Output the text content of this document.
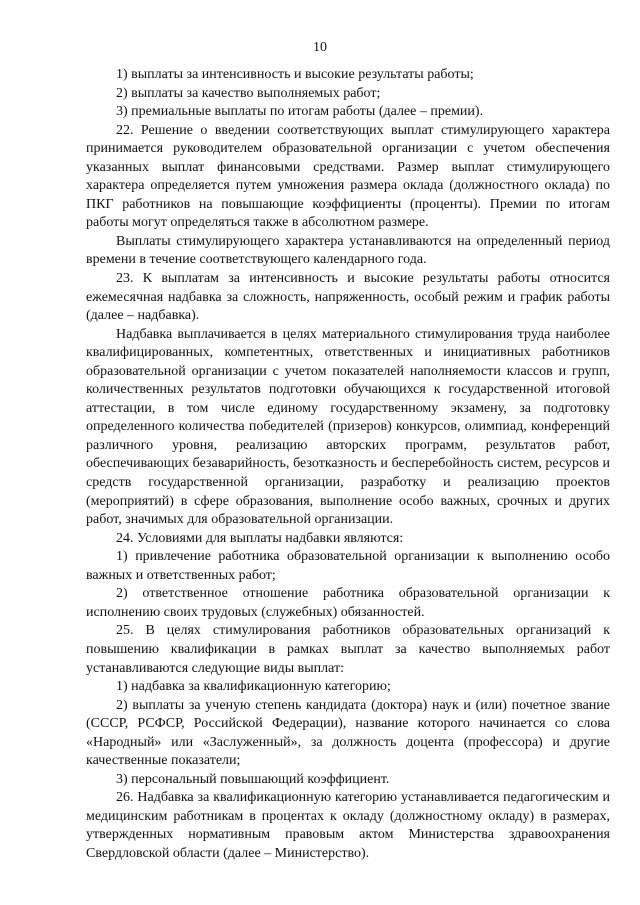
10

1) выплаты за интенсивность и высокие результаты работы;

2) выплаты за качество выполняемых работ;

3) премиальные выплаты по итогам работы (далее – премии).

22. Решение о введении соответствующих выплат стимулирующего характера принимается руководителем образовательной организации с учетом обеспечения указанных выплат финансовыми средствами. Размер выплат стимулирующего характера определяется путем умножения размера оклада (должностного оклада) по ПКГ работников на повышающие коэффициенты (проценты). Премии по итогам работы могут определяться также в абсолютном размере.

Выплаты стимулирующего характера устанавливаются на определенный период времени в течение соответствующего календарного года.

23. К выплатам за интенсивность и высокие результаты работы относится ежемесячная надбавка за сложность, напряженность, особый режим и график работы (далее – надбавка).

Надбавка выплачивается в целях материального стимулирования труда наиболее квалифицированных, компетентных, ответственных и инициативных работников образовательной организации с учетом показателей наполняемости классов и групп, количественных результатов подготовки обучающихся к государственной итоговой аттестации, в том числе единому государственному экзамену, за подготовку определенного количества победителей (призеров) конкурсов, олимпиад, конференций различного уровня, реализацию авторских программ, результатов работ, обеспечивающих безаварийность, безотказность и бесперебойность систем, ресурсов и средств государственной организации, разработку и реализацию проектов (мероприятий) в сфере образования, выполнение особо важных, срочных и других работ, значимых для образовательной организации.

24. Условиями для выплаты надбавки являются:

1) привлечение работника образовательной организации к выполнению особо важных и ответственных работ;

2) ответственное отношение работника образовательной организации к исполнению своих трудовых (служебных) обязанностей.

25. В целях стимулирования работников образовательных организаций к повышению квалификации в рамках выплат за качество выполняемых работ устанавливаются следующие виды выплат:

1) надбавка за квалификационную категорию;

2) выплаты за ученую степень кандидата (доктора) наук и (или) почетное звание (СССР, РСФСР, Российской Федерации), название которого начинается со слова «Народный» или «Заслуженный», за должность доцента (профессора) и другие качественные показатели;

3) персональный повышающий коэффициент.

26. Надбавка за квалификационную категорию устанавливается педагогическим и медицинским работникам в процентах к окладу (должностному окладу) в размерах, утвержденных нормативным правовым актом Министерства здравоохранения Свердловской области (далее – Министерство).
